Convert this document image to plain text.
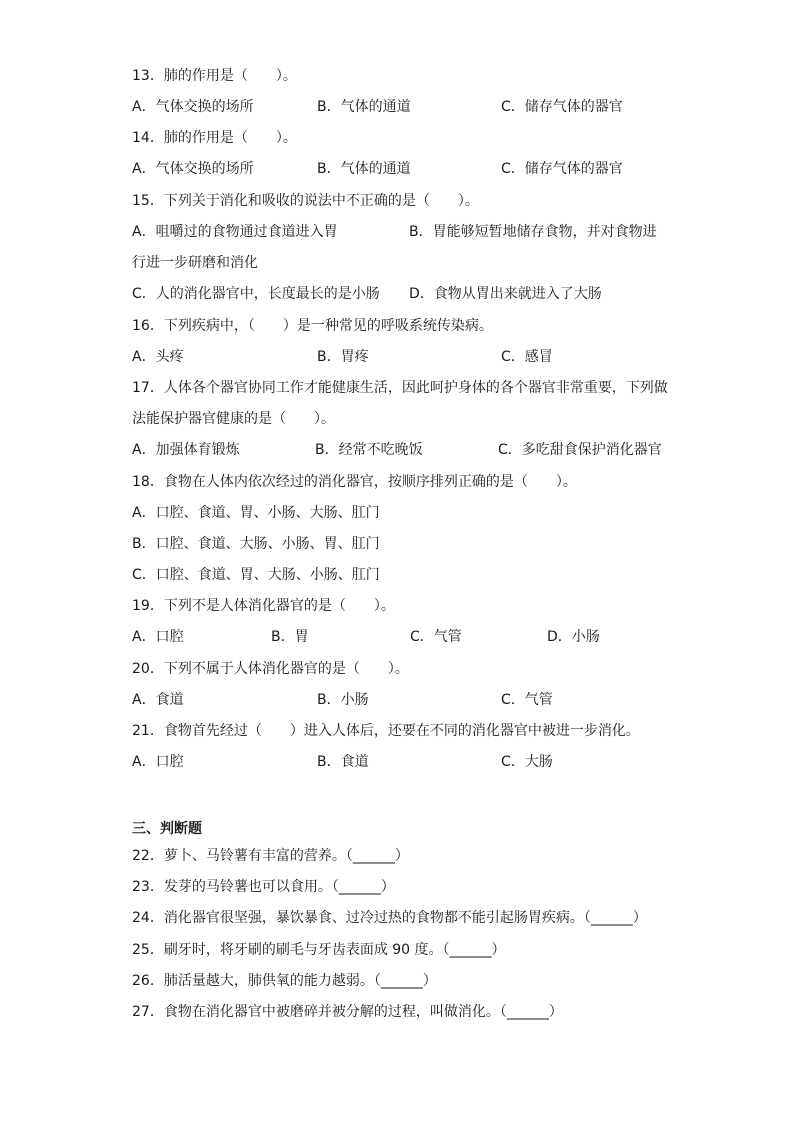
13．肺的作用是（　　）。
A．气体交换的场所	B．气体的通道	C．储存气体的器官
14．肺的作用是（　　）。
A．气体交换的场所	B．气体的通道	C．储存气体的器官
15．下列关于消化和吸收的说法中不正确的是（　　）。
A．咀嚼过的食物通过食道进入胃	B．胃能够短暂地储存食物，并对食物进
行进一步研磨和消化
C．人的消化器官中，长度最长的是小肠 D．食物从胃出来就进入了大肠
16．下列疾病中，（　　）是一种常见的呼吸系统传染病。
A．头疼	B．胃疼	C．感冒
17．人体各个器官协同工作才能健康生活，因此呵护身体的各个器官非常重要，下列做
法能保护器官健康的是（　　）。
A．加强体育锻炼	B．经常不吃晚饭	C．多吃甜食保护消化器官
18．食物在人体内依次经过的消化器官，按顺序排列正确的是（　　）。
A．口腔、食道、胃、小肠、大肠、肛门
B．口腔、食道、大肠、小肠、胃、肛门
C．口腔、食道、胃、大肠、小肠、肛门
19．下列不是人体消化器官的是（　　）。
A．口腔	B．胃	C．气管	D．小肠
20．下列不属于人体消化器官的是（　　）。
A．食道	B．小肠	C．气管
21．食物首先经过（　　）进入人体后，还要在不同的消化器官中被进一步消化。
A．口腔	B．食道	C．大肠
三、判断题
22．萝卜、马铃薯有丰富的营养。（______）
23．发芽的马铃薯也可以食用。（______）
24．消化器官很坚强，暴饮暴食、过冷过热的食物都不能引起肠胃疾病。（______）
25．刷牙时，将牙刷的刷毛与牙齿表面成 90 度。（______）
26．肺活量越大，肺供氧的能力越弱。（______）
27．食物在消化器官中被磨碎并被分解的过程，叫做消化。（______）
